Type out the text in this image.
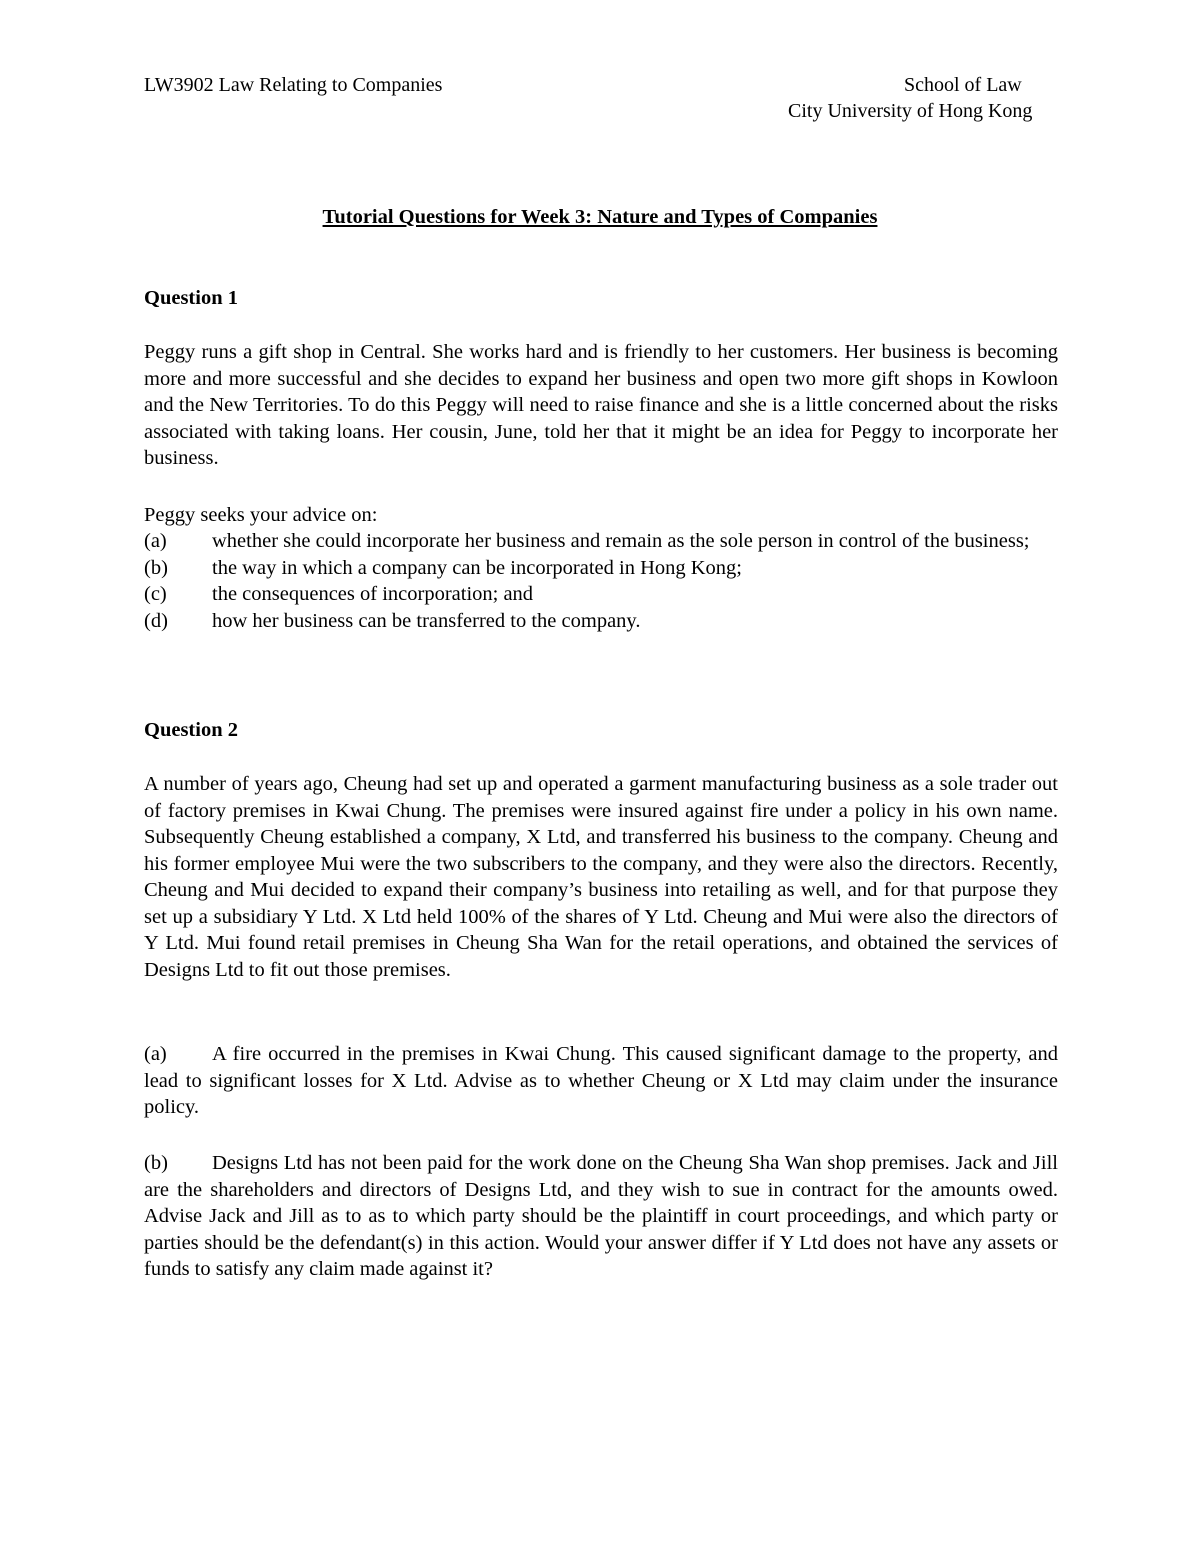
LW3902 Law Relating to Companies	School of Law
City University of Hong Kong
Tutorial Questions for Week 3: Nature and Types of Companies
Question 1
Peggy runs a gift shop in Central. She works hard and is friendly to her customers. Her business is becoming more and more successful and she decides to expand her business and open two more gift shops in Kowloon and the New Territories. To do this Peggy will need to raise finance and she is a little concerned about the risks associated with taking loans. Her cousin, June, told her that it might be an idea for Peggy to incorporate her business.
Peggy seeks your advice on:
(a) whether she could incorporate her business and remain as the sole person in control of the business;
(b) the way in which a company can be incorporated in Hong Kong;
(c) the consequences of incorporation; and
(d) how her business can be transferred to the company.
Question 2
A number of years ago, Cheung had set up and operated a garment manufacturing business as a sole trader out of factory premises in Kwai Chung. The premises were insured against fire under a policy in his own name. Subsequently Cheung established a company, X Ltd, and transferred his business to the company. Cheung and his former employee Mui were the two subscribers to the company, and they were also the directors. Recently, Cheung and Mui decided to expand their company’s business into retailing as well, and for that purpose they set up a subsidiary Y Ltd. X Ltd held 100% of the shares of Y Ltd. Cheung and Mui were also the directors of Y Ltd. Mui found retail premises in Cheung Sha Wan for the retail operations, and obtained the services of Designs Ltd to fit out those premises.
(a) A fire occurred in the premises in Kwai Chung. This caused significant damage to the property, and lead to significant losses for X Ltd. Advise as to whether Cheung or X Ltd may claim under the insurance policy.
(b) Designs Ltd has not been paid for the work done on the Cheung Sha Wan shop premises. Jack and Jill are the shareholders and directors of Designs Ltd, and they wish to sue in contract for the amounts owed. Advise Jack and Jill as to as to which party should be the plaintiff in court proceedings, and which party or parties should be the defendant(s) in this action. Would your answer differ if Y Ltd does not have any assets or funds to satisfy any claim made against it?
